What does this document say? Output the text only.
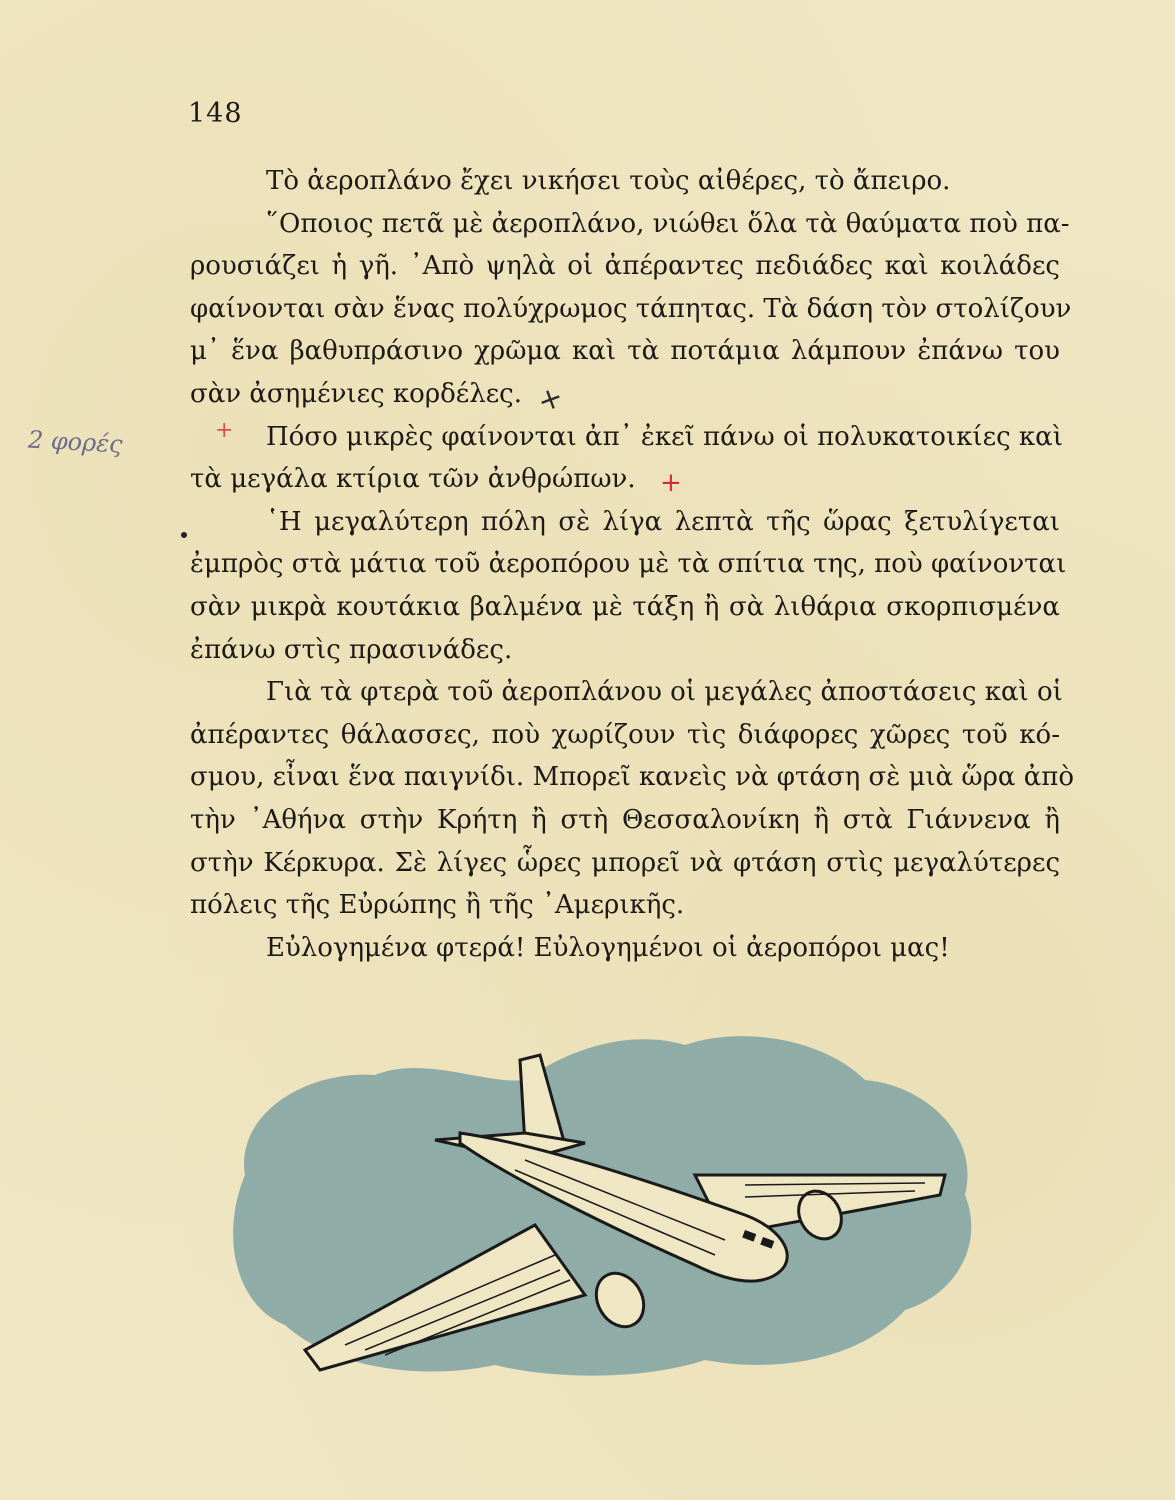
148
2 φορές
+
+
+
Τὸ ἀεροπλάνο ἔχει νικήσει τοὺς αἰθέρες, τὸ ἄπειρο.
῞Οποιος πετᾶ μὲ ἀεροπλάνο, νιώθει ὅλα τὰ θαύματα ποὺ πα-
ρουσιάζει ἡ γῆ. ᾿Απὸ ψηλὰ οἱ ἀπέραντες πεδιάδες καὶ κοιλάδες
φαίνονται σὰν ἕνας πολύχρωμος τάπητας. Τὰ δάση τὸν στολίζουν
μ᾿ ἕνα βαθυπράσινο χρῶμα καὶ τὰ ποτάμια λάμπουν ἐπάνω του
σὰν ἀσημένιες κορδέλες.
Πόσο μικρὲς φαίνονται ἀπ᾿ ἐκεῖ πάνω οἱ πολυκατοικίες καὶ
τὰ μεγάλα κτίρια τῶν ἀνθρώπων.
῾Η μεγαλύτερη πόλη σὲ λίγα λεπτὰ τῆς ὥρας ξετυλίγεται
ἐμπρὸς στὰ μάτια τοῦ ἀεροπόρου μὲ τὰ σπίτια της, ποὺ φαίνονται
σὰν μικρὰ κουτάκια βαλμένα μὲ τάξη ἢ σὰ λιθάρια σκορπισμένα
ἐπάνω στὶς πρασινάδες.
Γιὰ τὰ φτερὰ τοῦ ἀεροπλάνου οἱ μεγάλες ἀποστάσεις καὶ οἱ
ἀπέραντες θάλασσες, ποὺ χωρίζουν τὶς διάφορες χῶρες τοῦ κό-
σμου, εἶναι ἕνα παιγνίδι. Μπορεῖ κανεὶς νὰ φτάση σὲ μιὰ ὥρα ἀπὸ
τὴν ᾿Αθήνα στὴν Κρήτη ἢ στὴ Θεσσαλονίκη ἢ στὰ Γιάννενα ἢ
στὴν Κέρκυρα. Σὲ λίγες ὧρες μπορεῖ νὰ φτάση στὶς μεγαλύτερες
πόλεις τῆς Εὐρώπης ἢ τῆς ᾿Αμερικῆς.
Εὐλογημένα φτερά! Εὐλογημένοι οἱ ἀεροπόροι μας!
